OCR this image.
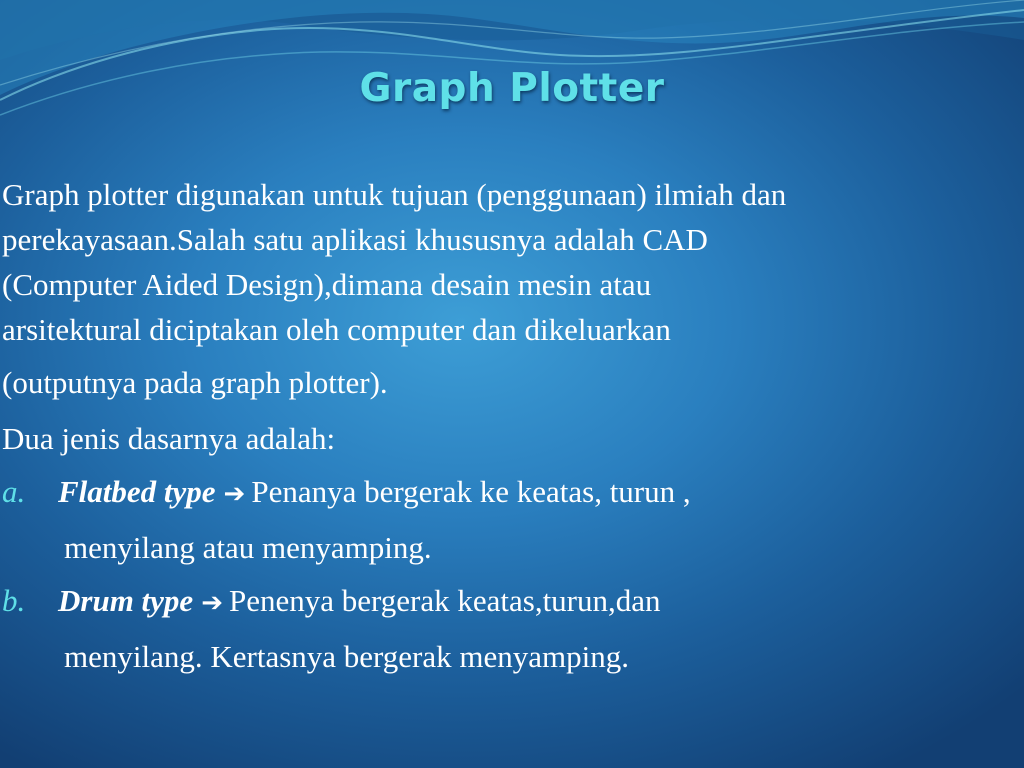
Graph Plotter
Graph plotter digunakan untuk tujuan (penggunaan) ilmiah dan
perekayasaan.Salah satu aplikasi khususnya adalah CAD
(Computer Aided Design),dimana desain mesin atau
arsitektural diciptakan oleh computer dan dikeluarkan
(outputnya pada graph plotter).
Dua jenis dasarnya adalah:
a. Flatbed type ➔ Penanya bergerak ke keatas, turun ,
menyilang atau menyamping.
b. Drum type ➔ Penenya bergerak keatas,turun,dan
menyilang. Kertasnya bergerak menyamping.
